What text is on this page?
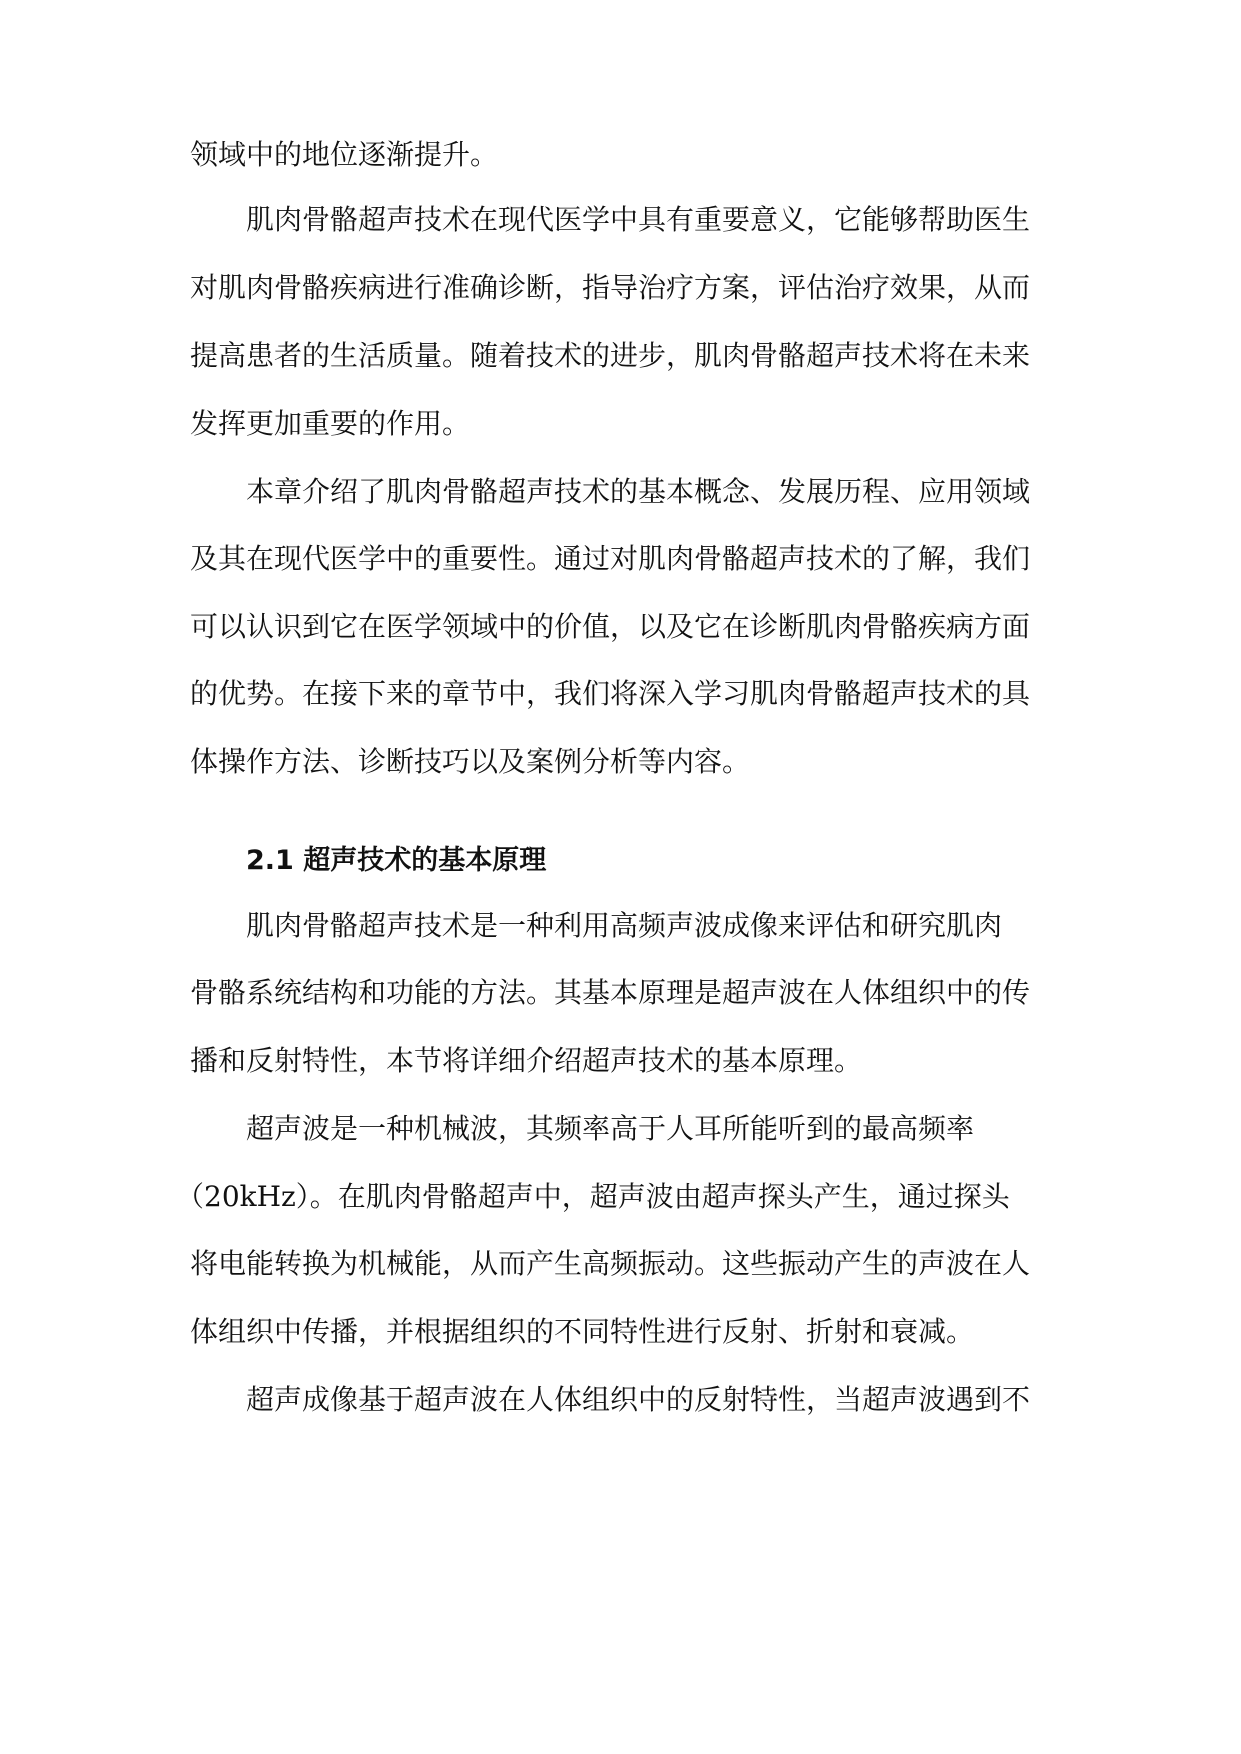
领域中的地位逐渐提升。
肌肉骨骼超声技术在现代医学中具有重要意义，它能够帮助医生
对肌肉骨骼疾病进行准确诊断，指导治疗方案，评估治疗效果，从而
提高患者的生活质量。随着技术的进步，肌肉骨骼超声技术将在未来
发挥更加重要的作用。
本章介绍了肌肉骨骼超声技术的基本概念、发展历程、应用领域
及其在现代医学中的重要性。通过对肌肉骨骼超声技术的了解，我们
可以认识到它在医学领域中的价值，以及它在诊断肌肉骨骼疾病方面
的优势。在接下来的章节中，我们将深入学习肌肉骨骼超声技术的具
体操作方法、诊断技巧以及案例分析等内容。
2.1 超声技术的基本原理
肌肉骨骼超声技术是一种利用高频声波成像来评估和研究肌肉
骨骼系统结构和功能的方法。其基本原理是超声波在人体组织中的传
播和反射特性，本节将详细介绍超声技术的基本原理。
超声波是一种机械波，其频率高于人耳所能听到的最高频率
（20kHz）。在肌肉骨骼超声中，超声波由超声探头产生，通过探头
将电能转换为机械能，从而产生高频振动。这些振动产生的声波在人
体组织中传播，并根据组织的不同特性进行反射、折射和衰减。
超声成像基于超声波在人体组织中的反射特性，当超声波遇到不
